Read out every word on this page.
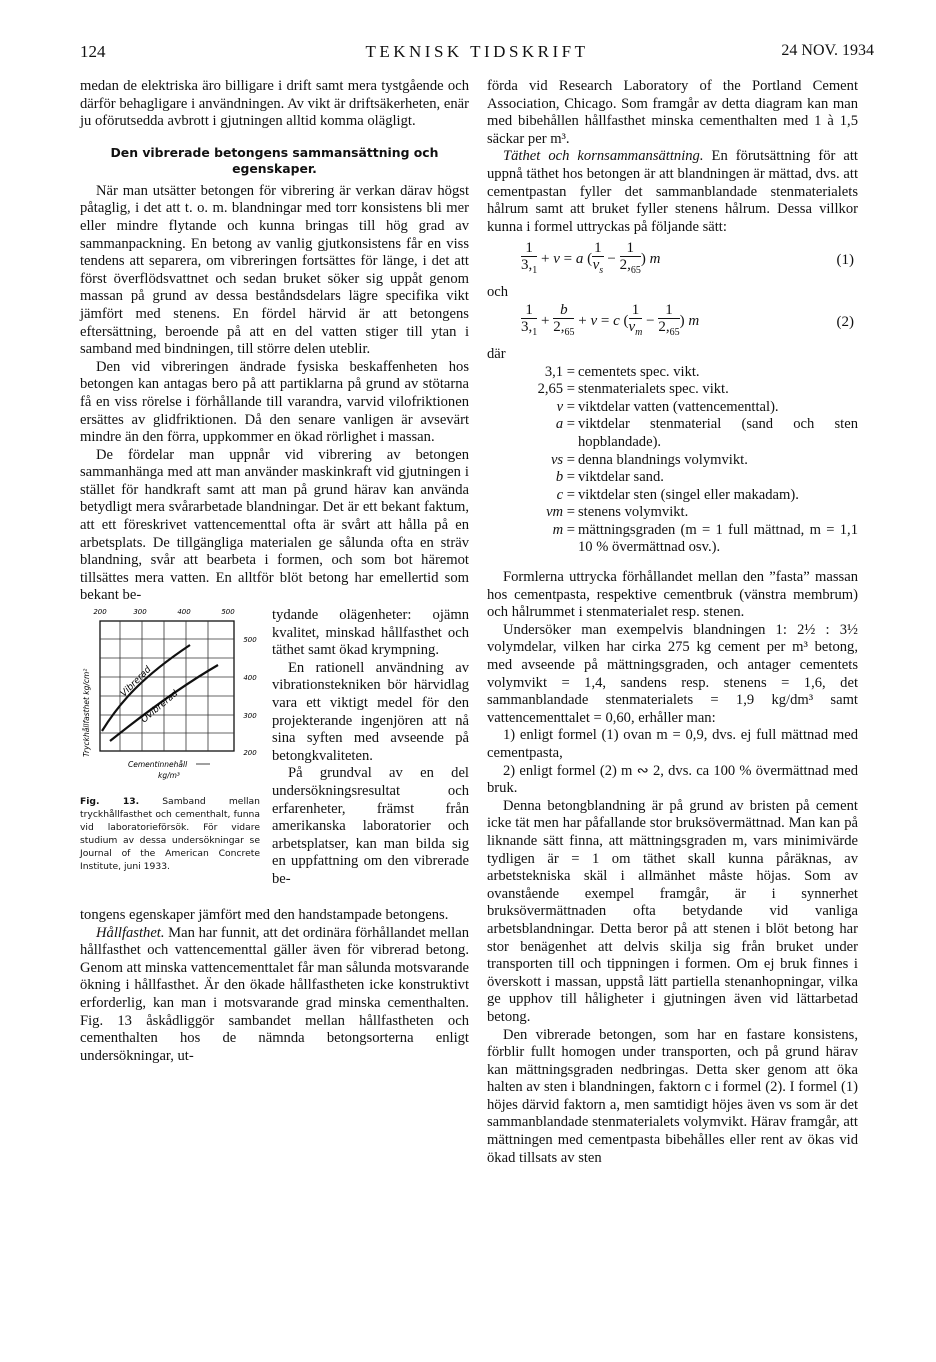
124	TEKNISK TIDSKRIFT	24 NOV. 1934

medan de elektriska äro billigare i drift samt mera tystgående och därför behagligare i användningen. Av vikt är driftsäkerheten, enär ju oförutsedda avbrott i gjutningen alltid komma olägligt.

Den vibrerade betongens sammansättning och egenskaper.

När man utsätter betongen för vibrering är verkan därav högst påtaglig, i det att t. o. m. blandningar med torr konsistens bli mer eller mindre flytande och kunna bringas till hög grad av sammanpackning. En betong av vanlig gjutkonsistens får en viss tendens att separera, om vibreringen fortsättes för länge, i det att först överflödsvattnet och sedan bruket söker sig uppåt genom massan på grund av dessa beståndsdelars lägre specifika vikt jämfört med stenens. En fördel härvid är att betongens eftersättning, beroende på att en del vatten stiger till ytan i samband med bindningen, till större delen uteblir.

Den vid vibreringen ändrade fysiska beskaffenheten hos betongen kan antagas bero på att partiklarna på grund av stötarna få en viss rörelse i förhållande till varandra, varvid vilofriktionen ersättes av glidfriktionen. Då den senare vanligen är avsevärt mindre än den förra, uppkommer en ökad rörlighet i massan.

De fördelar man uppnår vid vibrering av betongen sammanhänga med att man använder maskinkraft vid gjutningen i stället för handkraft samt att man på grund härav kan använda betydligt mera svårarbetade blandningar. Det är ett bekant faktum, att ett föreskrivet vattencementtal ofta är svårt att hålla på en arbetsplats. De tillgängliga materialen ge sålunda ofta en sträv blandning, svår att bearbeta i formen, och som bot häremot tillsättes mera vatten. En alltför blöt betong har emellertid som bekant be-

200	300	400	500
500
400
300
200
Vibrerad
Ovibrerad
Tryckhållfasthet kg/cm²
Cementinnehåll
kg/m³
Fig. 13. Samband mellan tryckhållfasthet och cementhalt, funna vid laboratorieförsök. För vidare studium av dessa undersökningar se Journal of the American Concrete Institute, juni 1933.

tydande olägenheter: ojämn kvalitet, minskad hållfasthet och täthet samt ökad krympning.

En rationell användning av vibrationstekniken bör härvidlag vara ett viktigt medel för den projekterande ingenjören att nå sina syften med avseende på betongkvaliteten.

På grundval av en del undersökningsresultat och erfarenheter, främst från amerikanska laboratorier och arbetsplatser, kan man bilda sig en uppfattning om den vibrerade be-

tongens egenskaper jämfört med den handstampade betongens.

Hållfasthet. Man har funnit, att det ordinära förhållandet mellan hållfasthet och vattencementtal gäller även för vibrerad betong. Genom att minska vattencementtalet får man sålunda motsvarande ökning i hållfasthet. Är den ökade hållfastheten icke konstruktivt erforderlig, kan man i motsvarande grad minska cementhalten. Fig. 13 åskådliggör sambandet mellan hållfastheten och cementhalten hos de nämnda betongsorterna enligt undersökningar, ut-

förda vid Research Laboratory of the Portland Cement Association, Chicago. Som framgår av detta diagram kan man med bibehållen hållfasthet minska cementhalten med 1 à 1,5 säckar per m³.

Täthet och kornsammansättning. En förutsättning för att uppnå täthet hos betongen är att blandningen är mättad, dvs. att cementpastan fyller det sammanblandade stenmaterialets hålrum samt att bruket fyller stenens hålrum. Dessa villkor kunna i formel uttryckas på följande sätt:

$\frac{1}{3,_1} + v = a$ ( $\frac{1}{v_s} - \frac{1}{2,_{65}}$ ) m	(1)

och

$\frac{1}{3,_1} + \frac{b}{2,_{65}} + v = c$ ( $\frac{1}{v_m} - \frac{1}{2,_{65}}$ ) m	(2)

där

3,1 = cementets spec. vikt.
2,65 = stenmaterialets spec. vikt.
v = viktdelar vatten (vattencementtal).
a = viktdelar stenmaterial (sand och sten hopblandade).
vs = denna blandnings volymvikt.
b = viktdelar sand.
c = viktdelar sten (singel eller makadam).
vm = stenens volymvikt.
m = mättningsgraden (m = 1 full mättnad, m = 1,1 10 % övermättnad osv.).

Formlerna uttrycka förhållandet mellan den ”fasta” massan hos cementpasta, respektive cementbruk (vänstra membrum) och hålrummet i stenmaterialet resp. stenen.

Undersöker man exempelvis blandningen 1: 2½ : 3½ volymdelar, vilken har cirka 275 kg cement per m³ betong, med avseende på mättningsgraden, och antager cementets volymvikt = 1,4, sandens resp. stenens = 1,6, det sammanblandade stenmaterialets = 1,9 kg/dm³ samt vattencementtalet = 0,60, erhåller man:

1) enligt formel (1) ovan m = 0,9, dvs. ej full mättnad med cementpasta,

2) enligt formel (2) m ∾ 2, dvs. ca 100 % övermättnad med bruk.

Denna betongblandning är på grund av bristen på cement icke tät men har påfallande stor bruksövermättnad. Man kan på liknande sätt finna, att mättningsgraden m, vars minimivärde tydligen är = 1 om täthet skall kunna påräknas, av arbetstekniska skäl i allmänhet måste höjas. Som av ovanstående exempel framgår, är i synnerhet bruksövermättnaden ofta betydande vid vanliga arbetsblandningar. Detta beror på att stenen i blöt betong har stor benägenhet att delvis skilja sig från bruket under transporten till och tippningen i formen. Om ej bruk finnes i överskott i massan, uppstå lätt partiella stenanhopningar, vilka ge upphov till håligheter i gjutningen även vid lättarbetad betong.

Den vibrerade betongen, som har en fastare konsistens, förblir fullt homogen under transporten, och på grund härav kan mättningsgraden nedbringas. Detta sker genom att öka halten av sten i blandningen, faktorn c i formel (2). I formel (1) höjes därvid faktorn a, men samtidigt höjes även vs som är det sammanblandade stenmaterialets volymvikt. Härav framgår, att mättningen med cementpasta bibehålles eller rent av ökas vid ökad tillsats av sten
